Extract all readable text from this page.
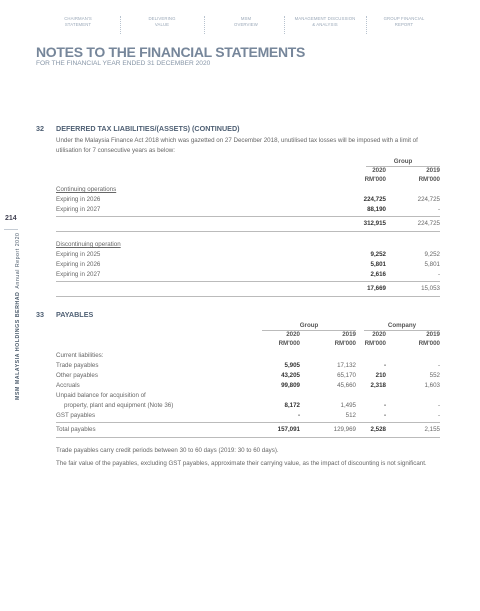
CHAIRMAN'S
STATEMENT
DELIVERING
VALUE
MSM
OVERVIEW
MANAGEMENT DISCUSSION
& ANALYSIS
GROUP FINANCIAL
REPORT
NOTES TO THE FINANCIAL STATEMENTS
FOR THE FINANCIAL YEAR ENDED 31 DECEMBER 2020
214
MSM MALAYSIA HOLDINGS BERHADAnnual Report 2020
32 DEFERRED TAX LIABILITIES/(ASSETS) (CONTINUED)
Under the Malaysia Finance Act 2018 which was gazetted on 27 December 2018, unutilised tax losses will be imposed with a limit of utilisation for 7 consecutive years as below:
Group
2020	2019
RM'000	RM'000
Continuing operations
Expiring in 2026	224,725	224,725
Expiring in 2027	88,190	-
312,915	224,725
Discontinuing operation
Expiring in 2025	9,252	9,252
Expiring in 2026	5,801	5,801
Expiring in 2027	2,616	-
17,669	15,053
33 PAYABLES
Group	Company
2020	2019	2020	2019
RM'000	RM'000	RM'000	RM'000
Current liabilities:
Trade payables	5,905	17,132	-	-
Other payables	43,205	65,170	210	552
Accruals	99,809	45,660	2,318	1,603
Unpaid balance for acquisition of
property, plant and equipment (Note 36)	8,172	1,495	-	-
GST payables	-	512	-	-
Total payables	157,091	129,969	2,528	2,155
Trade payables carry credit periods between 30 to 60 days (2019: 30 to 60 days).
The fair value of the payables, excluding GST payables, approximate their carrying value, as the impact of discounting is not significant.
